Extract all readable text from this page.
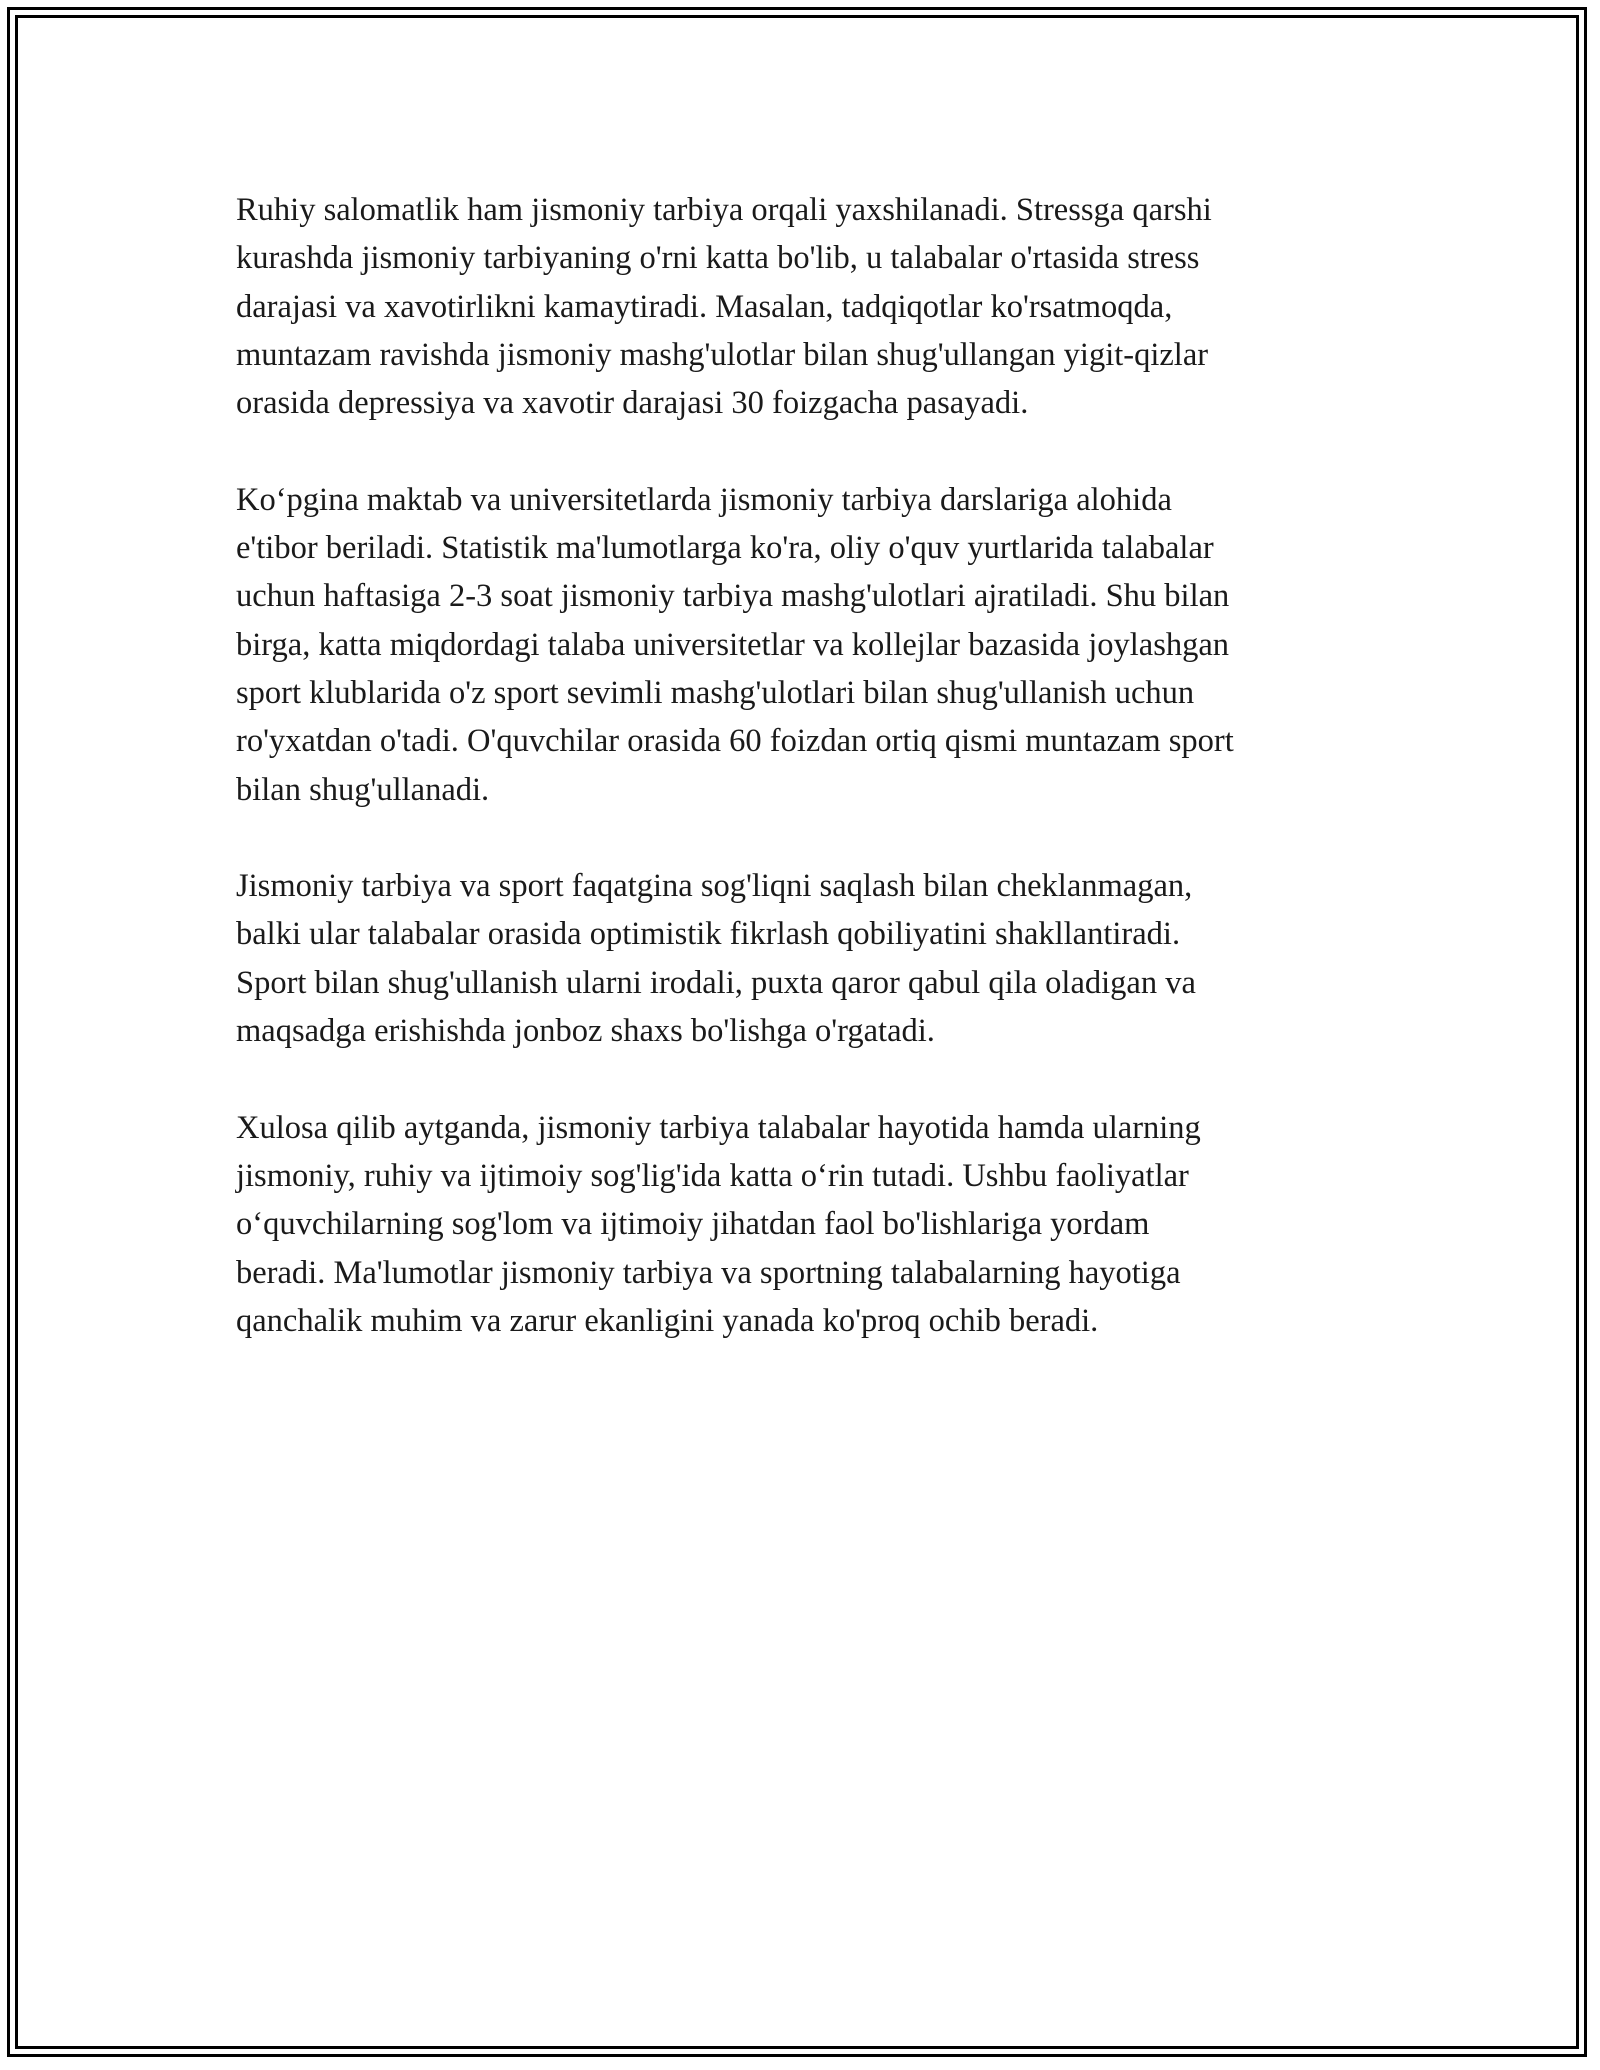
Ruhiy salomatlik ham jismoniy tarbiya orqali yaxshilanadi. Stressga qarshi
kurashda jismoniy tarbiyaning o'rni katta bo'lib, u talabalar o'rtasida stress
darajasi va xavotirlikni kamaytiradi. Masalan, tadqiqotlar ko'rsatmoqda,
muntazam ravishda jismoniy mashg'ulotlar bilan shug'ullangan yigit-qizlar
orasida depressiya va xavotir darajasi 30 foizgacha pasayadi.

Koʻpgina maktab va universitetlarda jismoniy tarbiya darslariga alohida
e'tibor beriladi. Statistik ma'lumotlarga ko'ra, oliy o'quv yurtlarida talabalar
uchun haftasiga 2-3 soat jismoniy tarbiya mashg'ulotlari ajratiladi. Shu bilan
birga, katta miqdordagi talaba universitetlar va kollejlar bazasida joylashgan
sport klublarida o'z sport sevimli mashg'ulotlari bilan shug'ullanish uchun
ro'yxatdan o'tadi. O'quvchilar orasida 60 foizdan ortiq qismi muntazam sport
bilan shug'ullanadi.

Jismoniy tarbiya va sport faqatgina sog'liqni saqlash bilan cheklanmagan,
balki ular talabalar orasida optimistik fikrlash qobiliyatini shakllantiradi.
Sport bilan shug'ullanish ularni irodali, puxta qaror qabul qila oladigan va
maqsadga erishishda jonboz shaxs bo'lishga o'rgatadi.

Xulosa qilib aytganda, jismoniy tarbiya talabalar hayotida hamda ularning
jismoniy, ruhiy va ijtimoiy sog'lig'ida katta oʻrin tutadi. Ushbu faoliyatlar
oʻquvchilarning sog'lom va ijtimoiy jihatdan faol bo'lishlariga yordam
beradi. Ma'lumotlar jismoniy tarbiya va sportning talabalarning hayotiga
qanchalik muhim va zarur ekanligini yanada ko'proq ochib beradi.
